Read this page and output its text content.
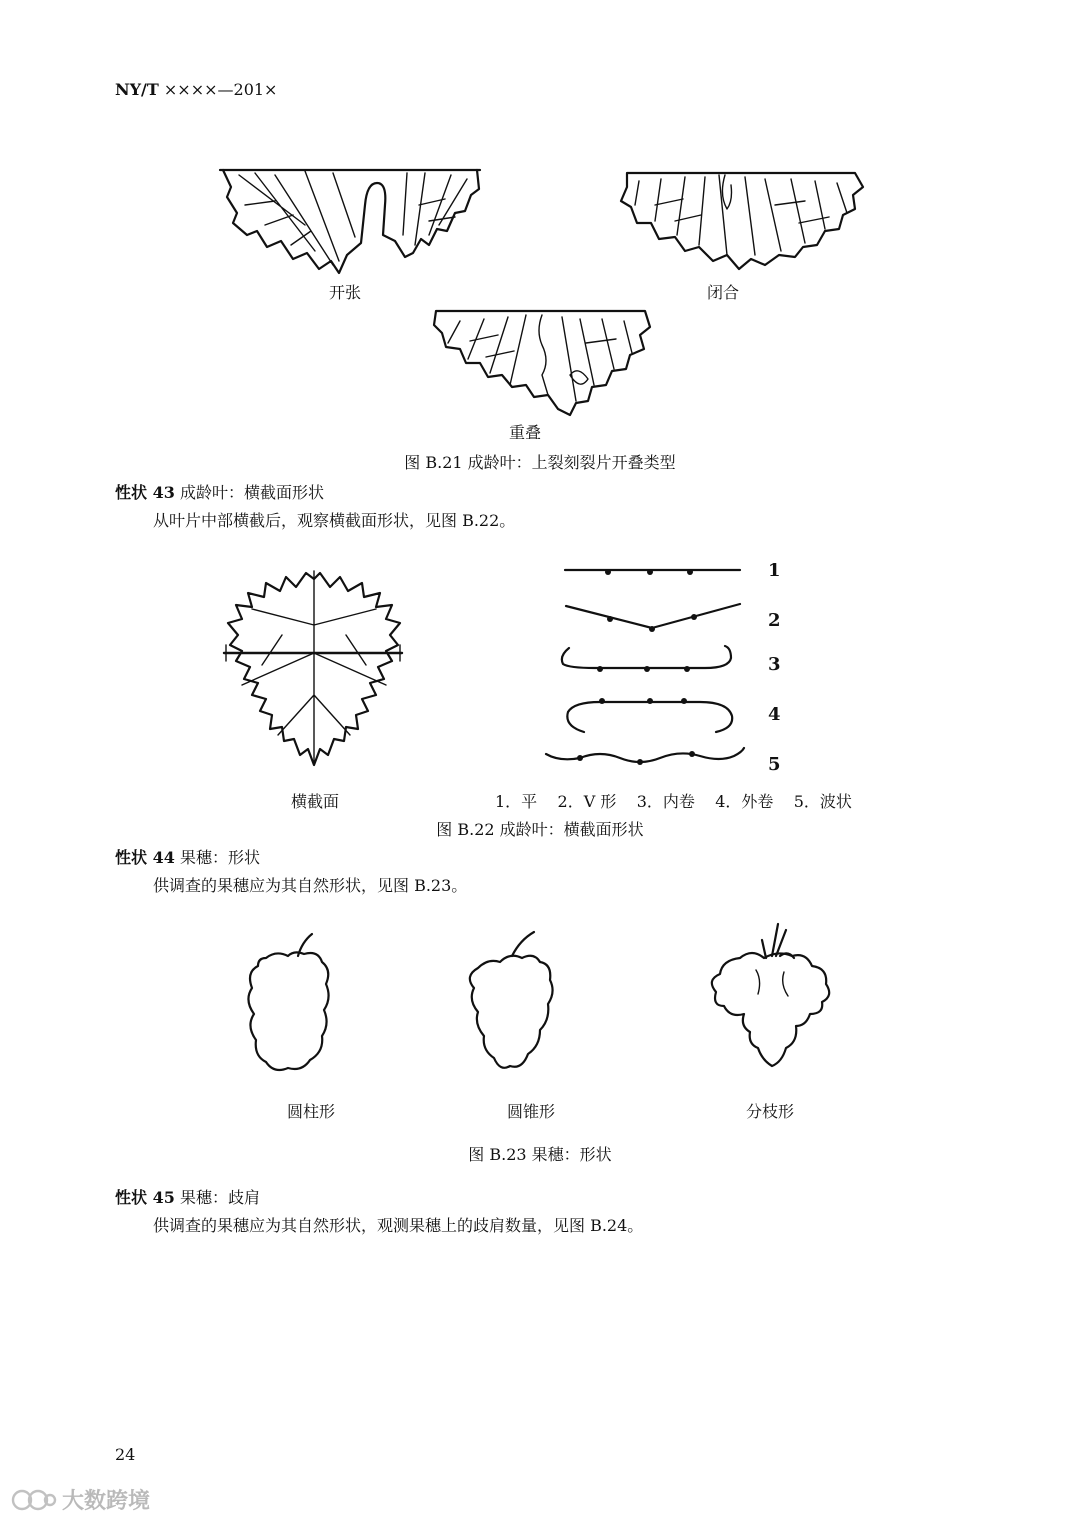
NY/T ××××—201×
开张	闭合
重叠
图 B.21 成龄叶：上裂刻裂片开叠类型
性状 43 成龄叶：横截面形状
从叶片中部横截后，观察横截面形状，见图 B.22。
1
2
3
4
5
横截面	1．平    2．V 形    3．内卷    4．外卷    5．波状
图 B.22 成龄叶：横截面形状
性状 44 果穗：形状
供调查的果穗应为其自然形状，见图 B.23。
圆柱形	圆锥形	分枝形
图 B.23 果穗：形状
性状 45 果穗：歧肩
供调查的果穗应为其自然形状，观测果穗上的歧肩数量，见图 B.24。
24
大数跨境
